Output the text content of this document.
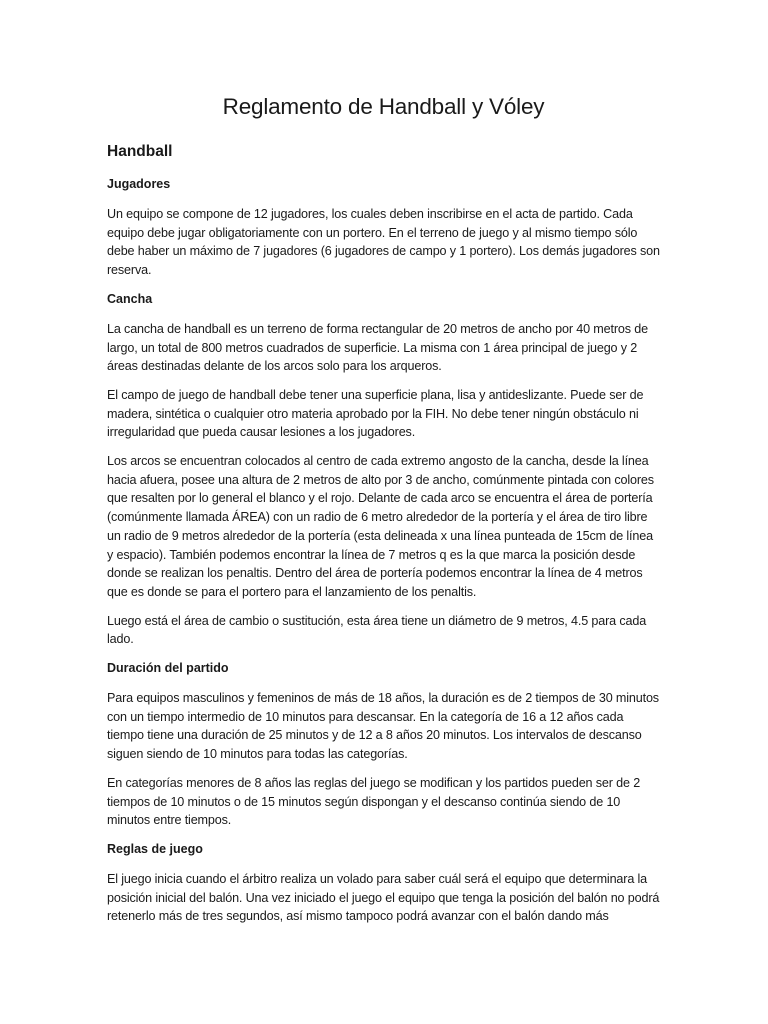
Reglamento de Handball y Vóley
Handball
Jugadores

Un equipo se compone de 12 jugadores, los cuales deben inscribirse en el acta de partido. Cada equipo debe jugar obligatoriamente con un portero. En el terreno de juego y al mismo tiempo sólo debe haber un máximo de 7 jugadores (6 jugadores de campo y 1 portero). Los demás jugadores son reserva.

Cancha

La cancha de handball es un terreno de forma rectangular de 20 metros de ancho por 40 metros de largo, un total de 800 metros cuadrados de superficie. La misma con 1 área principal de juego y 2 áreas destinadas delante de los arcos solo para los arqueros.

El campo de juego de handball debe tener una superficie plana, lisa y antideslizante. Puede ser de madera, sintética o cualquier otro materia aprobado por la FIH. No debe tener ningún obstáculo ni irregularidad que pueda causar lesiones a los jugadores.

Los arcos se encuentran colocados al centro de cada extremo angosto de la cancha, desde la línea hacia afuera, posee una altura de 2 metros de alto por 3 de ancho, comúnmente pintada con colores que resalten por lo general el blanco y el rojo. Delante de cada arco se encuentra el área de portería (comúnmente llamada ÁREA) con un radio de 6 metro alrededor de la portería y el área de tiro libre un radio de 9 metros alrededor de la portería (esta delineada x una línea punteada de 15cm de línea y espacio). También podemos encontrar la línea de 7 metros q es la que marca la posición desde donde se realizan los penaltis. Dentro del área de portería podemos encontrar la línea de 4 metros que es donde se para el portero para el lanzamiento de los penaltis.

Luego está el área de cambio o sustitución, esta área tiene un diámetro de 9 metros, 4.5 para cada lado.

Duración del partido

Para equipos masculinos y femeninos de más de 18 años, la duración es de 2 tiempos de 30 minutos con un tiempo intermedio de 10 minutos para descansar. En la categoría de 16 a 12 años cada tiempo tiene una duración de 25 minutos y de 12 a 8 años 20 minutos. Los intervalos de descanso siguen siendo de 10 minutos para todas las categorías.

En categorías menores de 8 años las reglas del juego se modifican y los partidos pueden ser de 2 tiempos de 10 minutos o de 15 minutos según dispongan y el descanso continúa siendo de 10 minutos entre tiempos.

Reglas de juego

El juego inicia cuando el árbitro realiza un volado para saber cuál será el equipo que determinara la posición inicial del balón. Una vez iniciado el juego el equipo que tenga la posición del balón no podrá retenerlo más de tres segundos, así mismo tampoco podrá avanzar con el balón dando más
